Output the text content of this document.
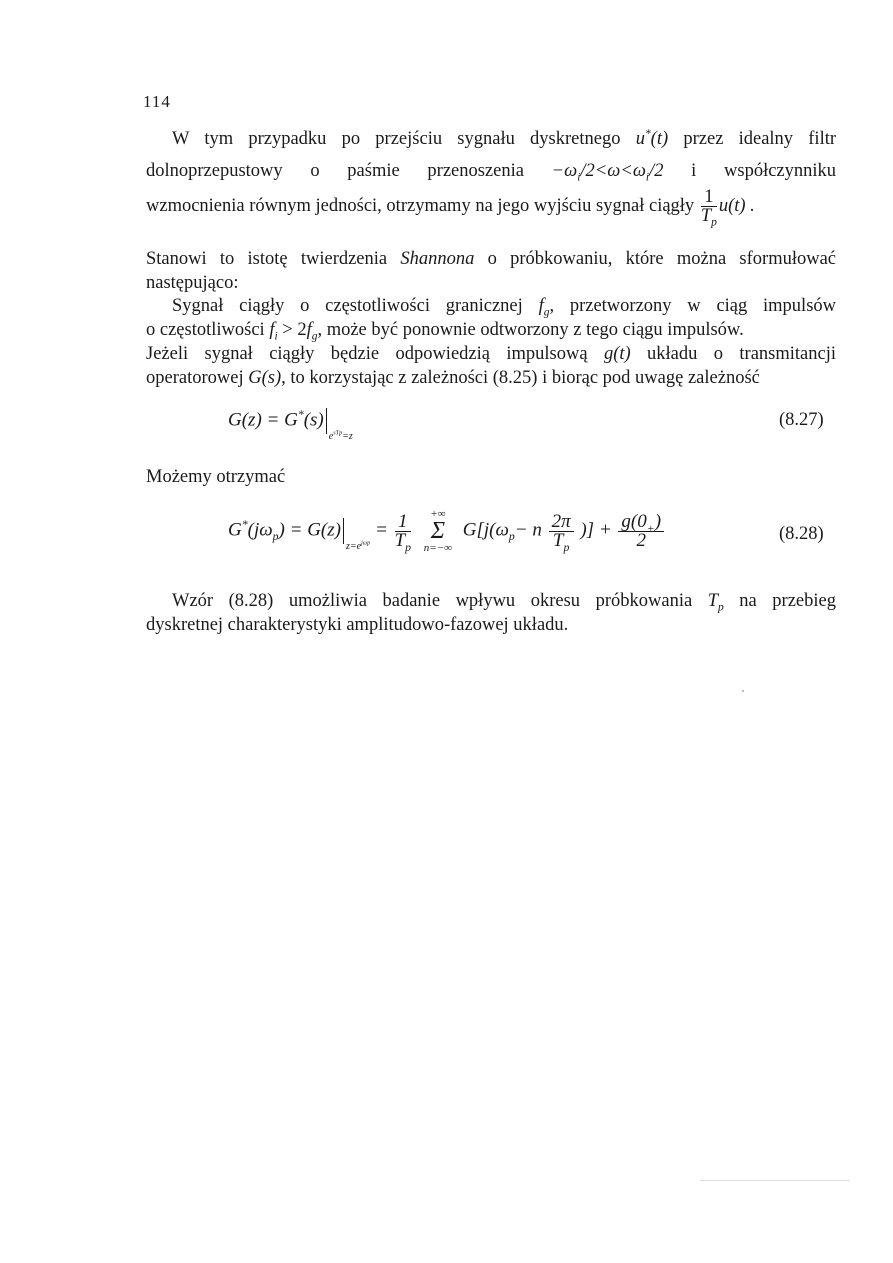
114
W tym przypadku po przejściu sygnału dyskretnego u*(t) przez idealny filtr
dolnoprzepustowy o paśmie przenoszenia $-\omega_i/2<\omega<\omega_i/2$ i współczynniku
wzmocnienia równym jedności, otrzymamy na jego wyjściu sygnał ciągły $\frac{1}{T_p} u(t)$ .
Stanowi to istotę twierdzenia Shannona o próbkowaniu, które można sformułować
następująco:
Sygnał ciągły o częstotliwości granicznej $f_g$, przetworzony w ciąg impulsów
o częstotliwości $f_i > 2f_g$, może być ponownie odtworzony z tego ciągu impulsów.
Jeżeli sygnał ciągły będzie odpowiedzią impulsową g(t) układu o transmitancji
operatorowej G(s), to korzystając z zależności (8.25) i biorąc pod uwagę zależność
$G(z) = G^*(s)_{e^{sTp}=z}$
(8.27)
Możemy otrzymać
$G^*(j\omega_p) = G(z)_{z=e^{j\omega p}} = \frac{1}{T_p}$
	+∞
Σ
n=−∞
$G[j(\omega_p- n \frac{2\pi}{T_p}$ )] + $\frac{g(0_+)}{2}$	(8.28)
Wzór (8.28) umożliwia badanie wpływu okresu próbkowania $T_p$ na przebieg
dyskretnej charakterystyki amplitudowo-fazowej układu.
